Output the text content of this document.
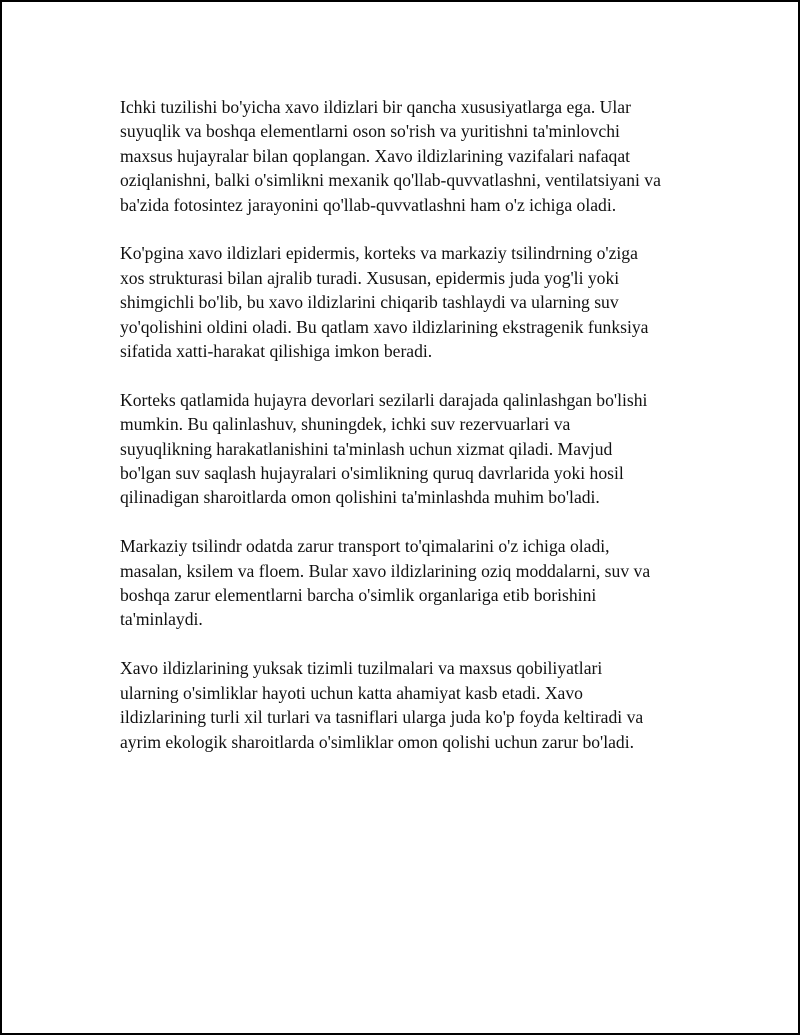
Ichki tuzilishi bo'yicha xavo ildizlari bir qancha xususiyatlarga ega. Ular
suyuqlik va boshqa elementlarni oson so'rish va yuritishni ta'minlovchi
maxsus hujayralar bilan qoplangan. Xavo ildizlarining vazifalari nafaqat
oziqlanishni, balki o'simlikni mexanik qo'llab-quvvatlashni, ventilatsiyani va
ba'zida fotosintez jarayonini qo'llab-quvvatlashni ham o'z ichiga oladi.

Ko'pgina xavo ildizlari epidermis, korteks va markaziy tsilindrning o'ziga
xos strukturasi bilan ajralib turadi. Xususan, epidermis juda yog'li yoki
shimgichli bo'lib, bu xavo ildizlarini chiqarib tashlaydi va ularning suv
yo'qolishini oldini oladi. Bu qatlam xavo ildizlarining ekstragenik funksiya
sifatida xatti-harakat qilishiga imkon beradi.

Korteks qatlamida hujayra devorlari sezilarli darajada qalinlashgan bo'lishi
mumkin. Bu qalinlashuv, shuningdek, ichki suv rezervuarlari va
suyuqlikning harakatlanishini ta'minlash uchun xizmat qiladi. Mavjud
bo'lgan suv saqlash hujayralari o'simlikning quruq davrlarida yoki hosil
qilinadigan sharoitlarda omon qolishini ta'minlashda muhim bo'ladi.

Markaziy tsilindr odatda zarur transport to'qimalarini o'z ichiga oladi,
masalan, ksilem va floem. Bular xavo ildizlarining oziq moddalarni, suv va
boshqa zarur elementlarni barcha o'simlik organlariga etib borishini
ta'minlaydi.

Xavo ildizlarining yuksak tizimli tuzilmalari va maxsus qobiliyatlari
ularning o'simliklar hayoti uchun katta ahamiyat kasb etadi. Xavo
ildizlarining turli xil turlari va tasniflari ularga juda ko'p foyda keltiradi va
ayrim ekologik sharoitlarda o'simliklar omon qolishi uchun zarur bo'ladi.
